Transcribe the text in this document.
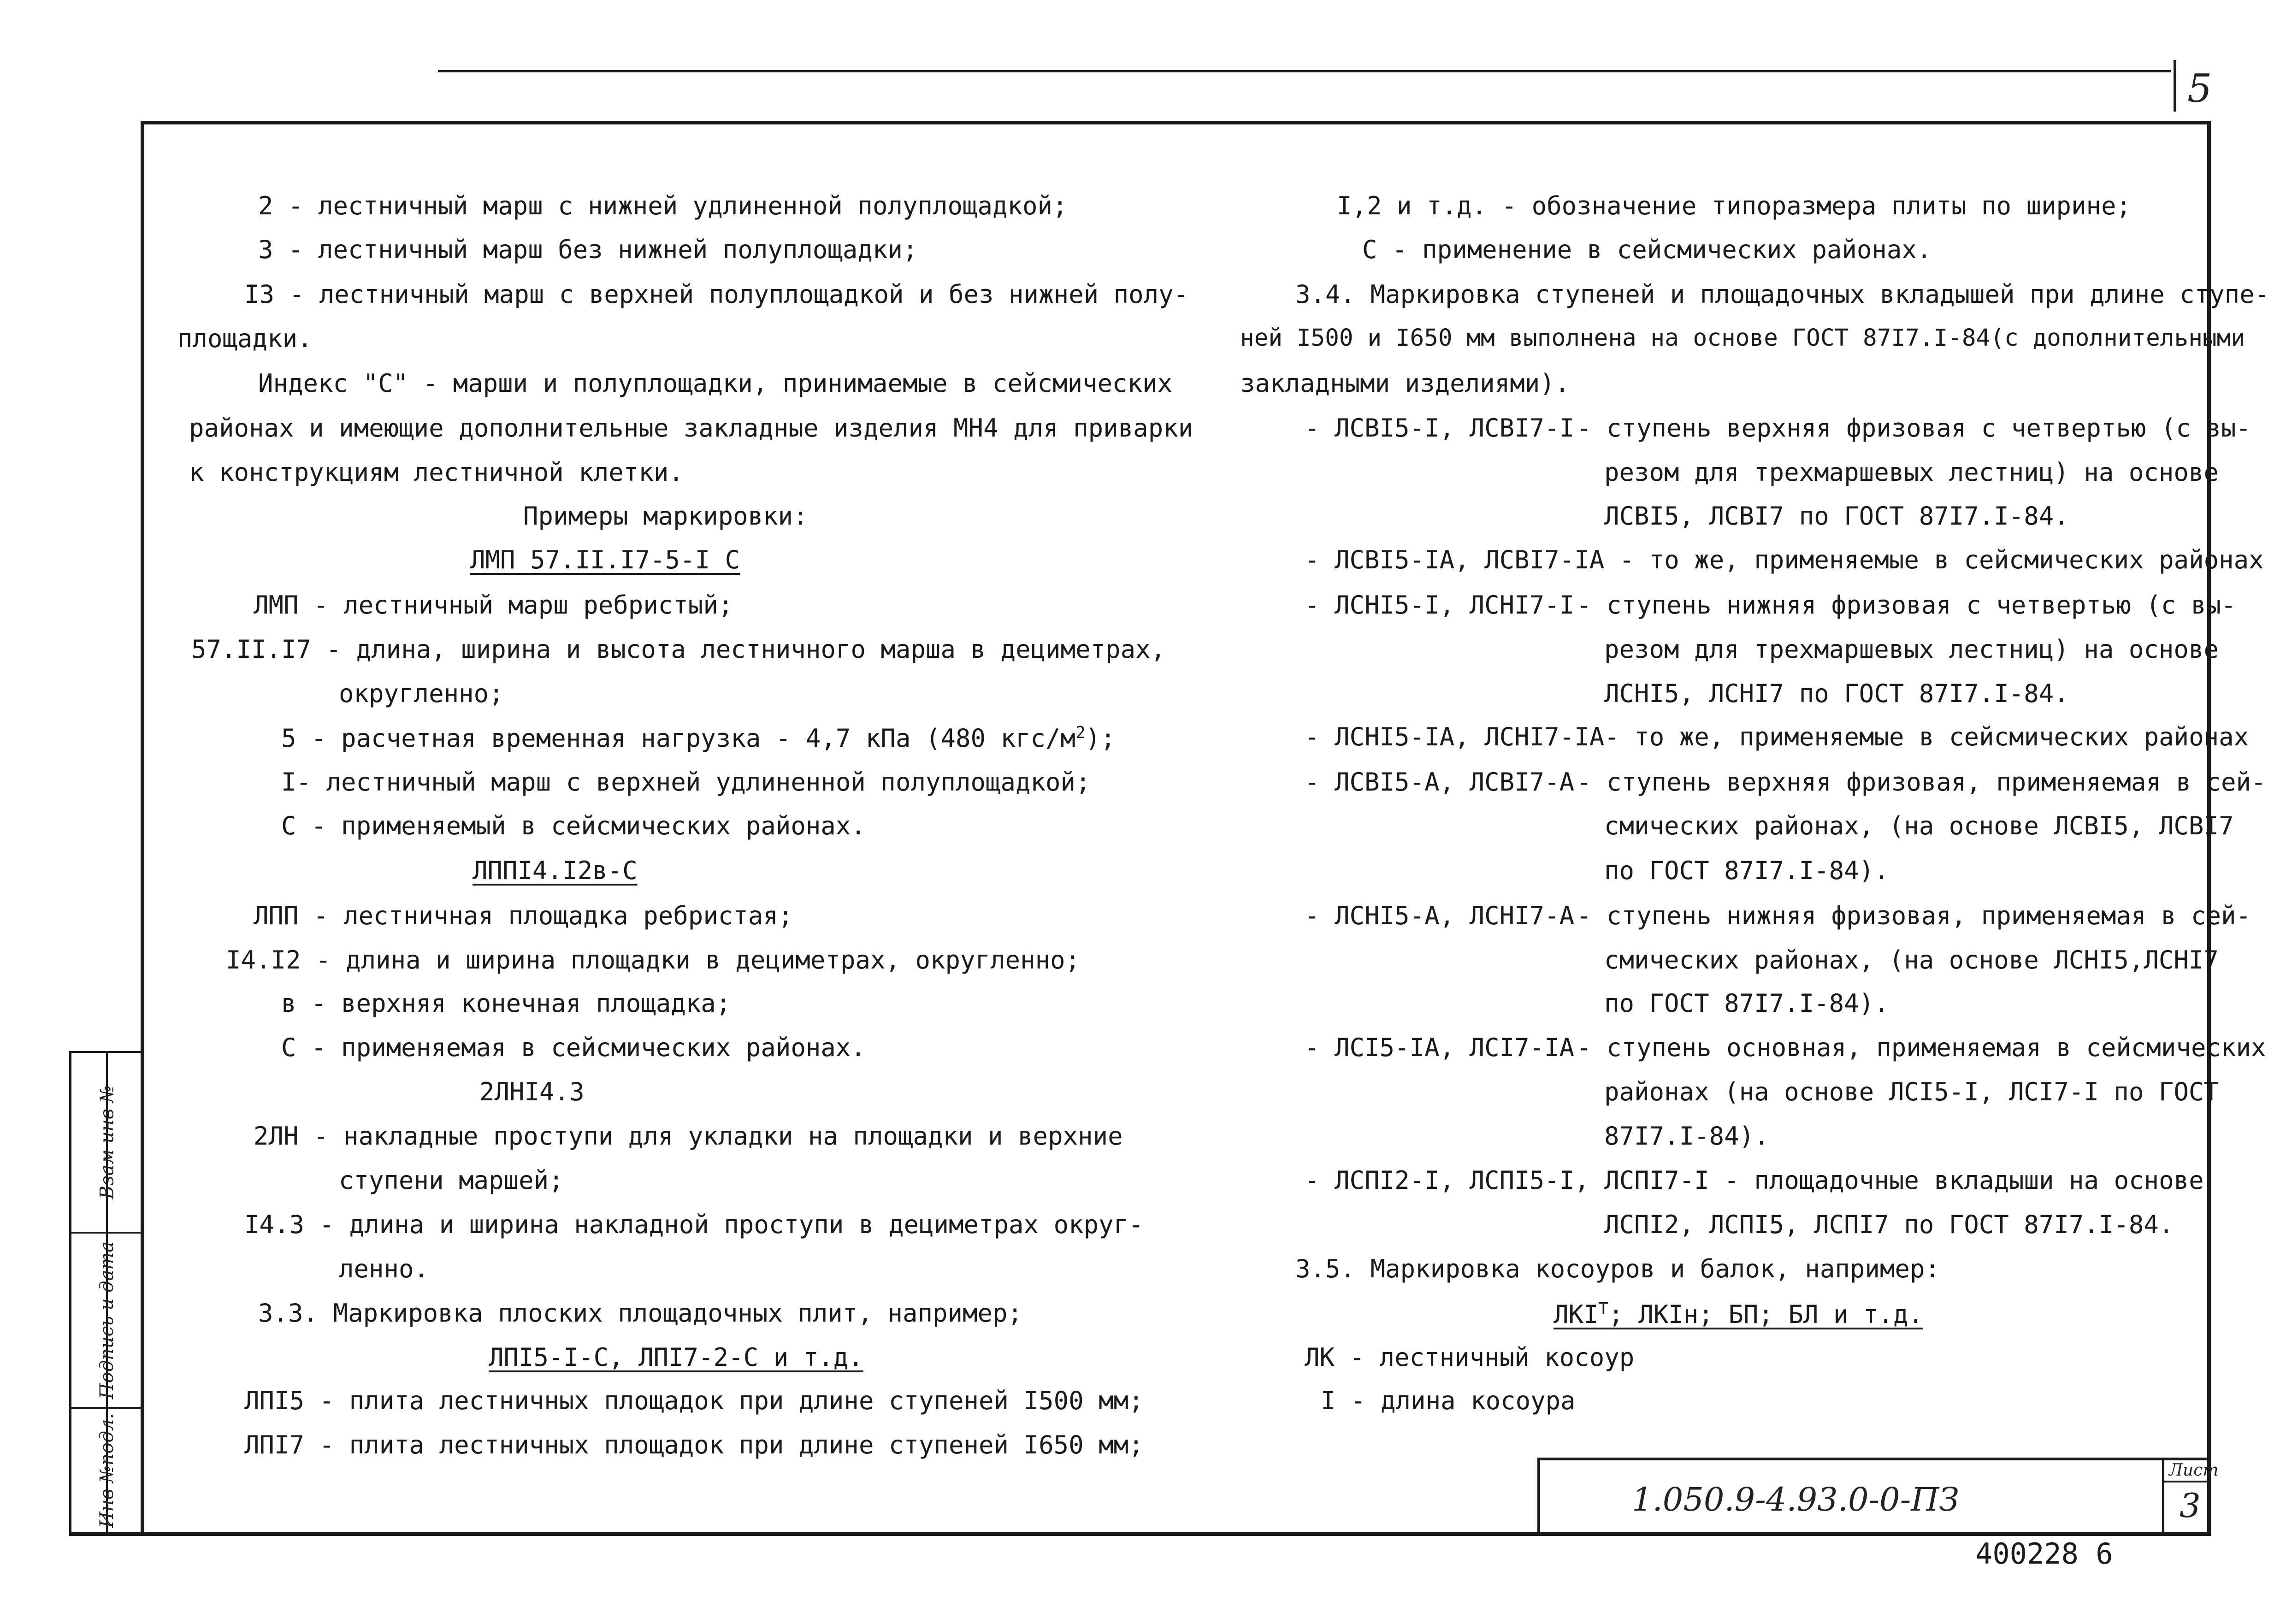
Инв №подл.
Подпись и дата
Взам инв №
Лист
3
1.050.9-4.93.0-0-ПЗ
5
400228 6
2 - лестничный марш с нижней удлиненной полуплощадкой;
3 - лестничный марш без нижней полуплощадки;
I3 - лестничный марш с верхней полуплощадкой и без нижней полу-
площадки.
Индекс "С" - марши и полуплощадки, принимаемые в сейсмических
районах и имеющие дополнительные закладные изделия МН4 для приварки
к конструкциям лестничной клетки.
Примеры маркировки:
ЛМП 57.II.I7-5-I С
ЛМП - лестничный марш ребристый;
57.II.I7 - длина, ширина и высота лестничного марша в дециметрах,
округленно;
5 - расчетная временная нагрузка - 4,7 кПа (480 кгс/$м^2$);
I- лестничный марш с верхней удлиненной полуплощадкой;
С - применяемый в сейсмических районах.
ЛППI4.I2в-С
ЛПП - лестничная площадка ребристая;
I4.I2 - длина и ширина площадки в дециметрах, округленно;
в - верхняя конечная площадка;
С - применяемая в сейсмических районах.
2ЛНI4.3
2ЛН - накладные проступи для укладки на площадки и верхние
ступени маршей;
I4.3 - длина и ширина накладной проступи в дециметрах округ-
ленно.
3.3. Маркировка плоских площадочных плит, например;
ЛПI5-I-С, ЛПI7-2-С и т.д.
ЛПI5 - плита лестничных площадок при длине ступеней I500 мм;
ЛПI7 - плита лестничных площадок при длине ступеней I650 мм;
I,2 и т.д. - обозначение типоразмера плиты по ширине;
С - применение в сейсмических районах.
3.4. Маркировка ступеней и площадочных вкладышей при длине ступе-
ней I500 и I650 мм выполнена на основе ГОСТ 87I7.I-84(с дополнительными
закладными изделиями).
- ЛСВI5-I, ЛСВI7-I - ступень верхняя фризовая с четвертью (с вы-
резом для трехмаршевых лестниц) на основе
ЛСВI5, ЛСВI7 по ГОСТ 87I7.I-84.
- ЛСВI5-IА, ЛСВI7-IА - то же, применяемые в сейсмических районах
- ЛСНI5-I, ЛСНI7-I - ступень нижняя фризовая с четвертью (с вы-
резом для трехмаршевых лестниц) на основе
ЛСНI5, ЛСНI7 по ГОСТ 87I7.I-84.
- ЛСНI5-IА, ЛСНI7-IА- то же, применяемые в сейсмических районах
- ЛСВI5-А, ЛСВI7-А - ступень верхняя фризовая, применяемая в сей-
смических районах, (на основе ЛСВI5, ЛСВI7
по ГОСТ 87I7.I-84).
- ЛСНI5-А, ЛСНI7-А - ступень нижняя фризовая, применяемая в сей-
смических районах, (на основе ЛСНI5,ЛСНI7
по ГОСТ 87I7.I-84).
- ЛСI5-IА, ЛСI7-IА - ступень основная, применяемая в сейсмических
районах (на основе ЛСI5-I, ЛСI7-I по ГОСТ
87I7.I-84).
- ЛСПI2-I, ЛСПI5-I, ЛСПI7-I - площадочные вкладыши на основе
ЛСПI2, ЛСПI5, ЛСПI7 по ГОСТ 87I7.I-84.
3.5. Маркировка косоуров и балок, например:
$ЛКI^Т$; ЛКIн; БП; БЛ и т.д.
ЛК - лестничный косоур
I - длина косоура
